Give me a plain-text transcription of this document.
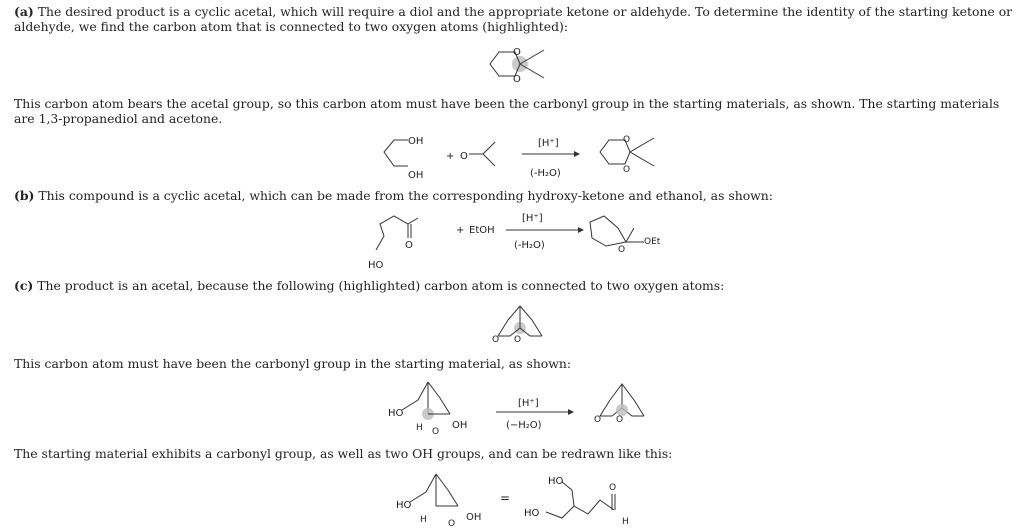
(a) The desired product is a cyclic acetal, which will require a diol and the appropriate ketone or aldehyde. To determine the identity of the starting ketone or aldehyde, we find the carbon atom that is connected to two oxygen atoms (highlighted):
O
O
This carbon atom bears the acetal group, so this carbon atom must have been the carbonyl group in the starting materials, as shown. The starting materials are 1,3-propanediol and acetone.
OH
OH
+ O
[H⁺]
(-H₂O)
O
O
(b) This compound is a cyclic acetal, which can be made from the corresponding hydroxy-ketone and ethanol, as shown:
O
HO
+ EtOH
[H⁺]
(-H₂O)	O
OEt
(c) The product is an acetal, because the following (highlighted) carbon atom is connected to two oxygen atoms:
O O
This carbon atom must have been the carbonyl group in the starting material, as shown:
HO
H O
OH
[H⁺]
(−H₂O)	O O
The starting material exhibits a carbonyl group, as well as two OH groups, and can be redrawn like this:
HO
H O
OH
=
HO
HO
O
H
